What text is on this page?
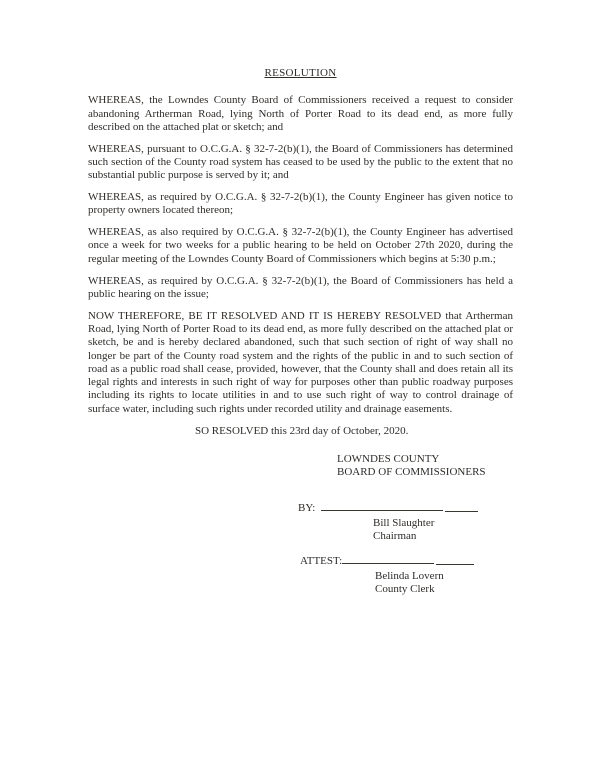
RESOLUTION

WHEREAS, the Lowndes County Board of Commissioners received a request to consider abandoning Artherman Road, lying North of Porter Road to its dead end, as more fully described on the attached plat or sketch; and

WHEREAS, pursuant to O.C.G.A. § 32-7-2(b)(1), the Board of Commissioners has determined such section of the County road system has ceased to be used by the public to the extent that no substantial public purpose is served by it; and

WHEREAS, as required by O.C.G.A. § 32-7-2(b)(1), the County Engineer has given notice to property owners located thereon;

WHEREAS, as also required by O.C.G.A. § 32-7-2(b)(1), the County Engineer has advertised once a week for two weeks for a public hearing to be held on October 27th 2020, during the regular meeting of the Lowndes County Board of Commissioners which begins at 5:30 p.m.;

WHEREAS, as required by O.C.G.A. § 32-7-2(b)(1), the Board of Commissioners has held a public hearing on the issue;

NOW THEREFORE, BE IT RESOLVED AND IT IS HEREBY RESOLVED that Artherman Road, lying North of Porter Road to its dead end, as more fully described on the attached plat or sketch, be and is hereby declared abandoned, such that such section of right of way shall no longer be part of the County road system and the rights of the public in and to such section of road as a public road shall cease, provided, however, that the County shall and does retain all its legal rights and interests in such right of way for purposes other than public roadway purposes including its rights to locate utilities in and to use such right of way to control drainage of surface water, including such rights under recorded utility and drainage easements.

SO RESOLVED this 23rd day of October, 2020.
LOWNDES COUNTY
BOARD OF COMMISSIONERS
BY:
Bill Slaughter
Chairman
ATTEST:
Belinda Lovern
County Clerk
